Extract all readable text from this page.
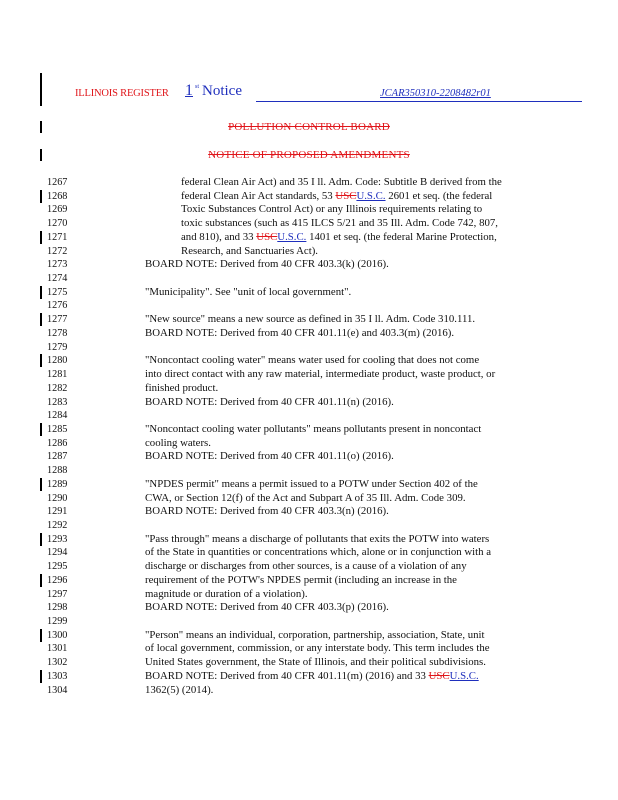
ILLINOIS REGISTER 1 st Notice	JCAR350310-2208482r01
POLLUTION CONTROL BOARD
NOTICE OF PROPOSED AMENDMENTS
1267	federal Clean Air Act) and 35 I ll. Adm. Code: Subtitle B derived from the
1268	federal Clean Air Act standards, 53 USCU.S.C. 2601 et seq. (the federal
1269	Toxic Substances Control Act) or any Illinois requirements relating to
1270	toxic substances (such as 415 ILCS 5/21 and 35 Ill. Adm. Code 742, 807,
1271	and 810), and 33 USCU.S.C. 1401 et seq. (the federal Marine Protection,
1272	Research, and Sanctuaries Act).
1273	BOARD NOTE: Derived from 40 CFR 403.3(k) (2016).
1274
1275	"Municipality". See "unit of local government".
1276
1277	"New source" means a new source as defined in 35 I ll. Adm. Code 310.111.
1278	BOARD NOTE: Derived from 40 CFR 401.11(e) and 403.3(m) (2016).
1279
1280	"Noncontact cooling water" means water used for cooling that does not come
1281	into direct contact with any raw material, intermediate product, waste product, or
1282	finished product.
1283	BOARD NOTE: Derived from 40 CFR 401.11(n) (2016).
1284
1285	"Noncontact cooling water pollutants" means pollutants present in noncontact
1286	cooling waters.
1287	BOARD NOTE: Derived from 40 CFR 401.11(o) (2016).
1288
1289	"NPDES permit" means a permit issued to a POTW under Section 402 of the
1290	CWA, or Section 12(f) of the Act and Subpart A of 35 Ill. Adm. Code 309.
1291	BOARD NOTE: Derived from 40 CFR 403.3(n) (2016).
1292
1293	"Pass through" means a discharge of pollutants that exits the POTW into waters
1294	of the State in quantities or concentrations which, alone or in conjunction with a
1295	discharge or discharges from other sources, is a cause of a violation of any
1296	requirement of the POTW's NPDES permit (including an increase in the
1297	magnitude or duration of a violation).
1298	BOARD NOTE: Derived from 40 CFR 403.3(p) (2016).
1299
1300	"Person" means an individual, corporation, partnership, association, State, unit
1301	of local government, commission, or any interstate body. This term includes the
1302	United States government, the State of Illinois, and their political subdivisions.
1303	BOARD NOTE: Derived from 40 CFR 401.11(m) (2016) and 33 USCU.S.C.
1304	1362(5) (2014).
